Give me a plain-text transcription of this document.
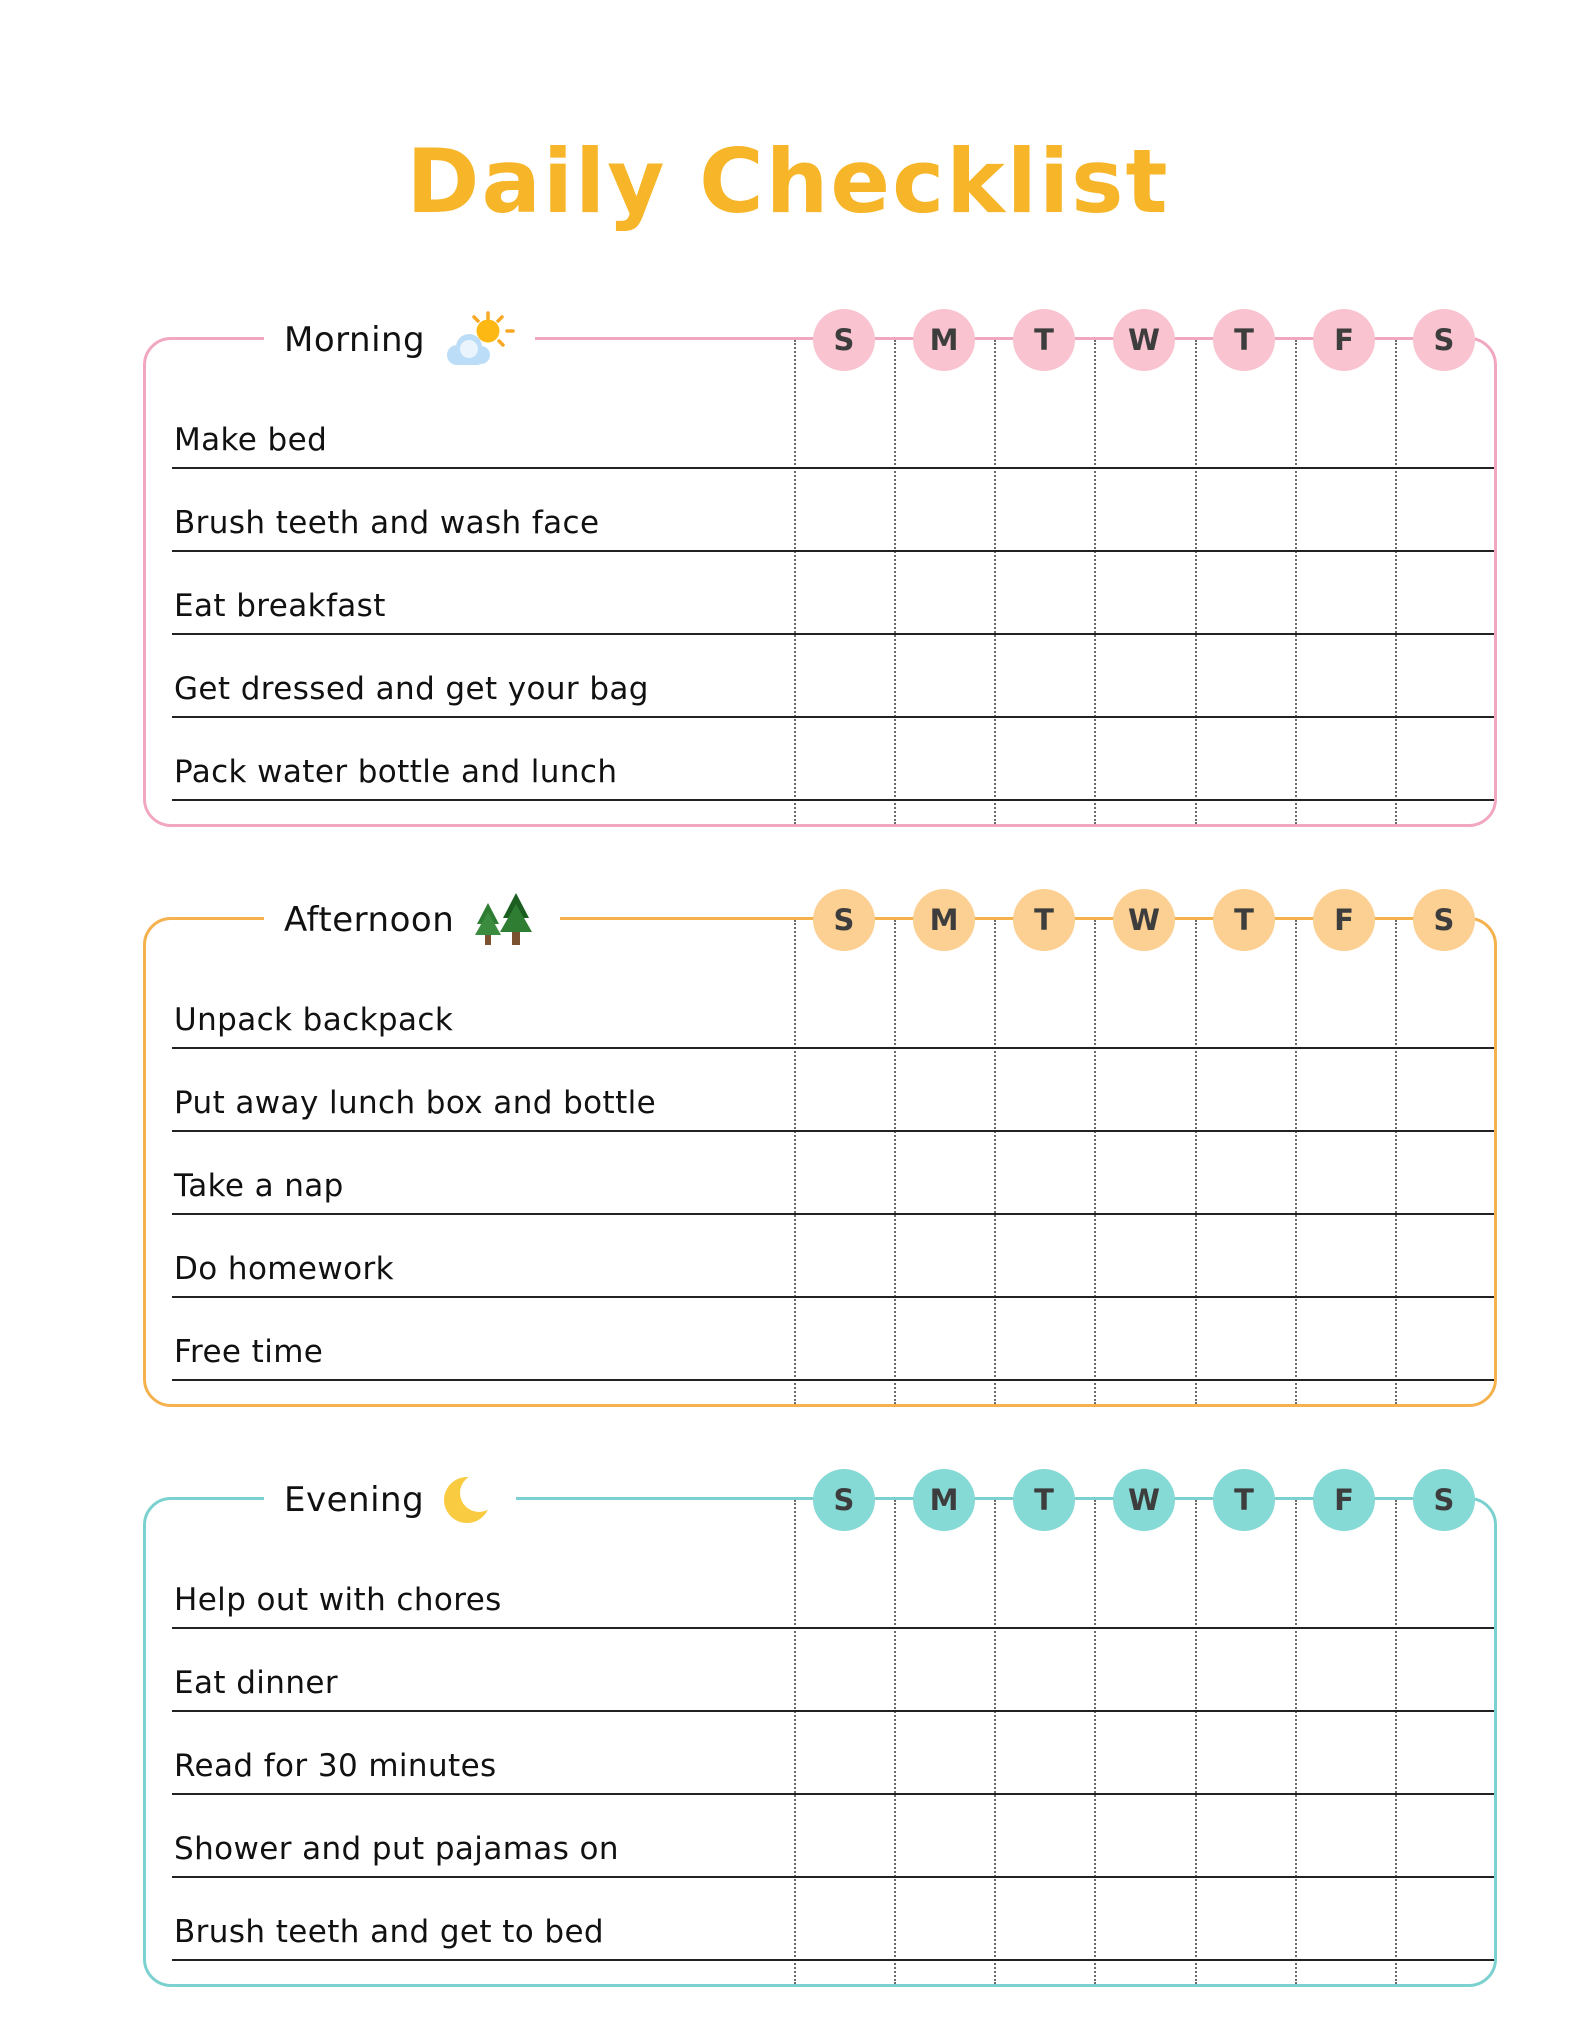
Daily Checklist
Morning	S	M	T	W	T	F	S
Make bed
Brush teeth and wash face
Eat breakfast
Get dressed and get your bag
Pack water bottle and lunch
Afternoon	S	M	T	W	T	F	S
Unpack backpack
Put away lunch box and bottle
Take a nap
Do homework
Free time
Evening	S	M	T	W	T	F	S
Help out with chores
Eat dinner
Read for 30 minutes
Shower and put pajamas on
Brush teeth and get to bed
